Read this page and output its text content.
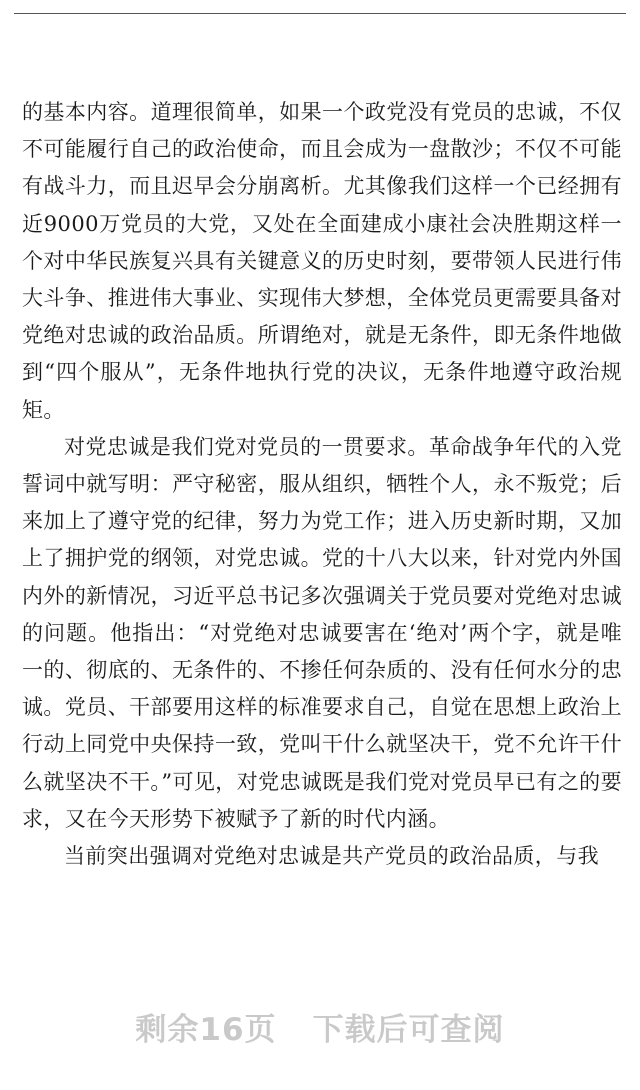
的基本内容。道理很简单，如果一个政党没有党员的忠诚，不仅不可能履行自己的政治使命，而且会成为一盘散沙；不仅不可能有战斗力，而且迟早会分崩离析。尤其像我们这样一个已经拥有近9000万党员的大党，又处在全面建成小康社会决胜期这样一个对中华民族复兴具有关键意义的历史时刻，要带领人民进行伟大斗争、推进伟大事业、实现伟大梦想，全体党员更需要具备对党绝对忠诚的政治品质。所谓绝对，就是无条件，即无条件地做到“四个服从”，无条件地执行党的决议，无条件地遵守政治规矩。

对党忠诚是我们党对党员的一贯要求。革命战争年代的入党誓词中就写明：严守秘密，服从组织，牺牲个人，永不叛党；后来加上了遵守党的纪律，努力为党工作；进入历史新时期，又加上了拥护党的纲领，对党忠诚。党的十八大以来，针对党内外国内外的新情况，习近平总书记多次强调关于党员要对党绝对忠诚的问题。他指出：“对党绝对忠诚要害在‘绝对’两个字，就是唯一的、彻底的、无条件的、不掺任何杂质的、没有任何水分的忠诚。党员、干部要用这样的标准要求自己，自觉在思想上政治上行动上同党中央保持一致，党叫干什么就坚决干，党不允许干什么就坚决不干。”可见，对党忠诚既是我们党对党员早已有之的要求，又在今天形势下被赋予了新的时代内涵。

当前突出强调对党绝对忠诚是共产党员的政治品质，与我

剩余16页 下载后可查阅
